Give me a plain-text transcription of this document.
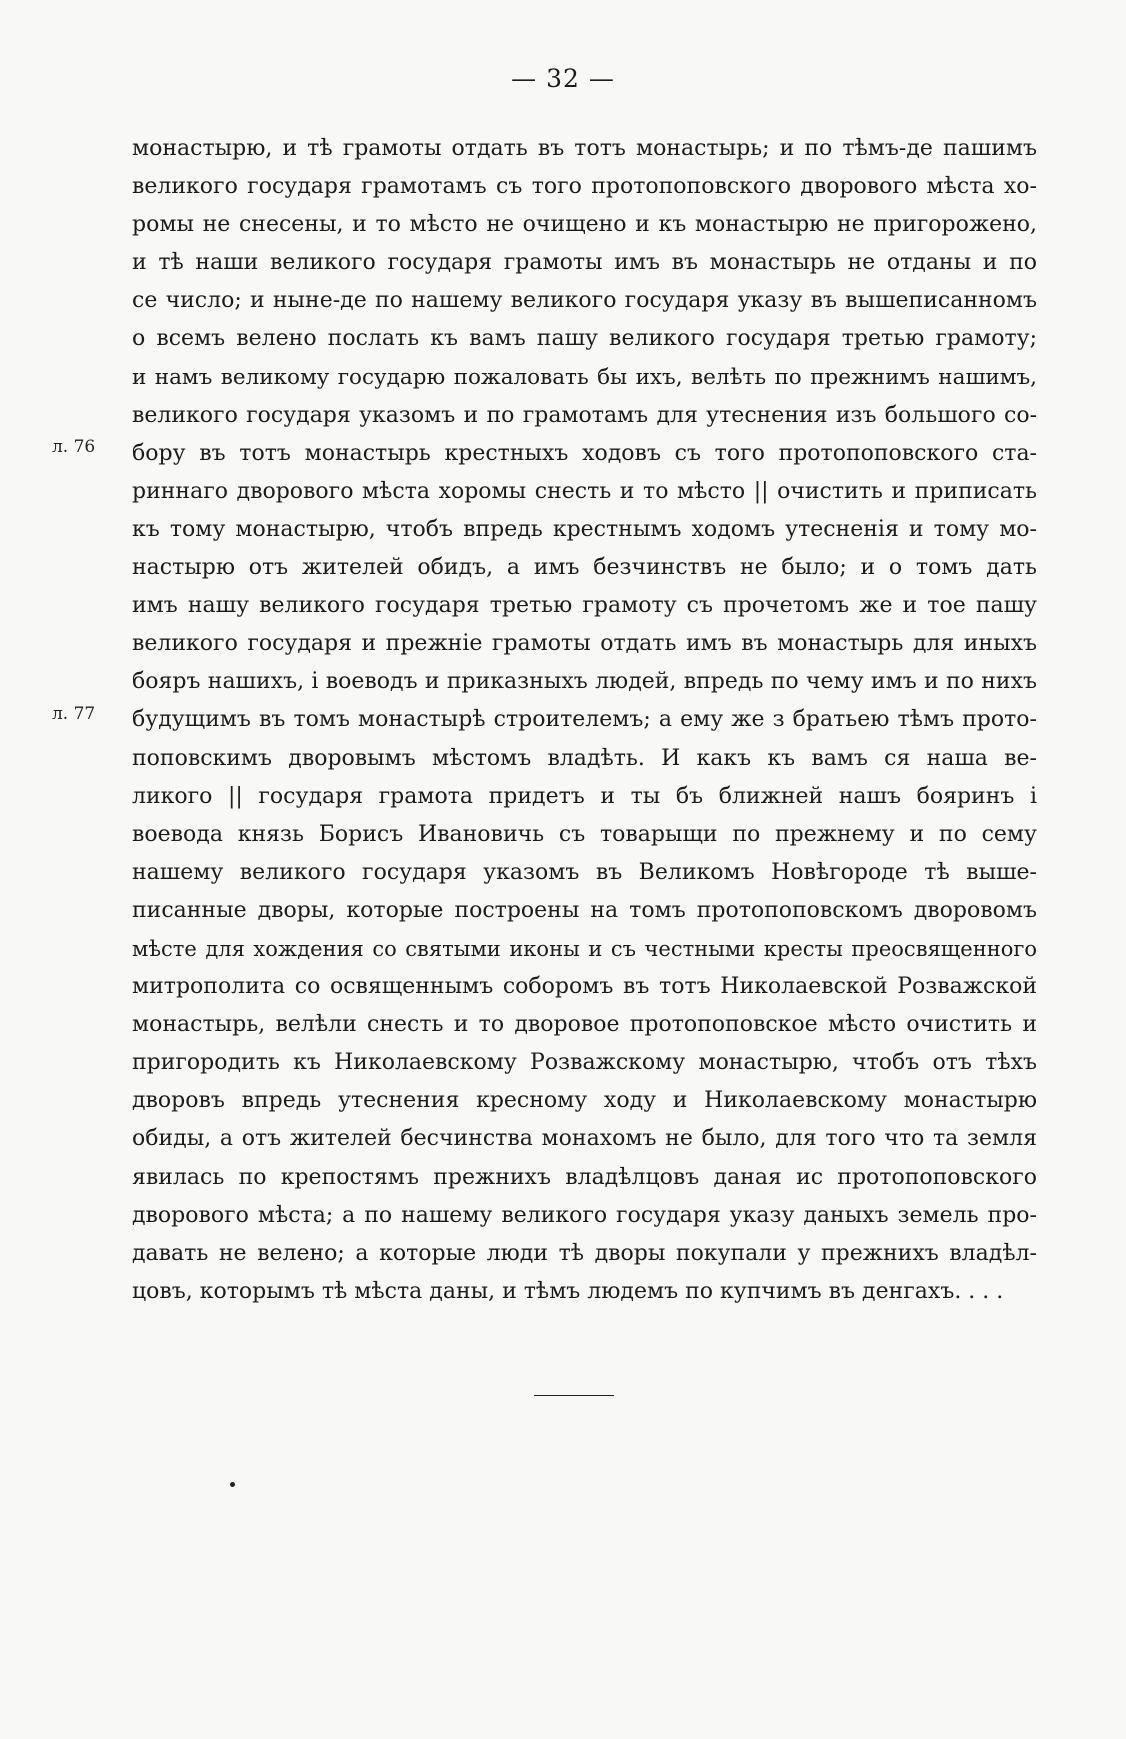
— 32 —
л. 76
л. 77
монастырю, и тѣ грамоты отдать въ тотъ монастырь; и по тѣмъ-де пашимъ
великого государя грамотамъ съ того протопоповского дворового мѣста хо-
ромы не снесены, и то мѣсто не очищено и къ монастырю не пригорожено,
и тѣ наши великого государя грамоты имъ въ монастырь не отданы и по
се число; и ныне-де по нашему великого государя указу въ вышеписанномъ
о всемъ велено послать къ вамъ пашу великого государя третью грамоту;
и намъ великому государю пожаловать бы ихъ, велѣть по прежнимъ нашимъ,
великого государя указомъ и по грамотамъ для утеснения изъ большого со-
бору въ тотъ монастырь крестныхъ ходовъ съ того протопоповского ста-
риннаго дворового мѣста хоромы снесть и то мѣсто || очистить и приписать
къ тому монастырю, чтобъ впредь крестнымъ ходомъ утесненія и тому мо-
настырю отъ жителей обидъ, а имъ безчинствъ не было; и о томъ дать
имъ нашу великого государя третью грамоту съ прочетомъ же и тое пашу
великого государя и прежніе грамоты отдать имъ въ монастырь для иныхъ
бояръ нашихъ, і воеводъ и приказныхъ людей, впредь по чему имъ и по нихъ
будущимъ въ томъ монастырѣ строителемъ; а ему же з братьею тѣмъ прото-
поповскимъ дворовымъ мѣстомъ владѣть. И какъ къ вамъ ся наша ве-
ликого || государя грамота придетъ и ты бъ ближней нашъ бояринъ і
воевода князь Борисъ Ивановичь съ товарыщи по прежнему и по сему
нашему великого государя указомъ въ Великомъ Новѣгороде тѣ выше-
писанные дворы, которые построены на томъ протопоповскомъ дворовомъ
мѣсте для хождения со святыми иконы и съ честными кресты преосвященного
митрополита со освященнымъ соборомъ въ тотъ Николаевской Розважской
монастырь, велѣли снесть и то дворовое протопоповское мѣсто очистить и
пригородить къ Николаевскому Розважскому монастырю, чтобъ отъ тѣхъ
дворовъ впредь утеснения кресному ходу и Николаевскому монастырю
обиды, а отъ жителей бесчинства монахомъ не было, для того что та земля
явилась по крепостямъ прежнихъ владѣлцовъ даная ис протопоповского
дворового мѣста; а по нашему великого государя указу даныхъ земель про-
давать не велено; а которые люди тѣ дворы покупали у прежнихъ владѣл-
цовъ, которымъ тѣ мѣста даны, и тѣмъ людемъ по купчимъ въ денгахъ. . . .
